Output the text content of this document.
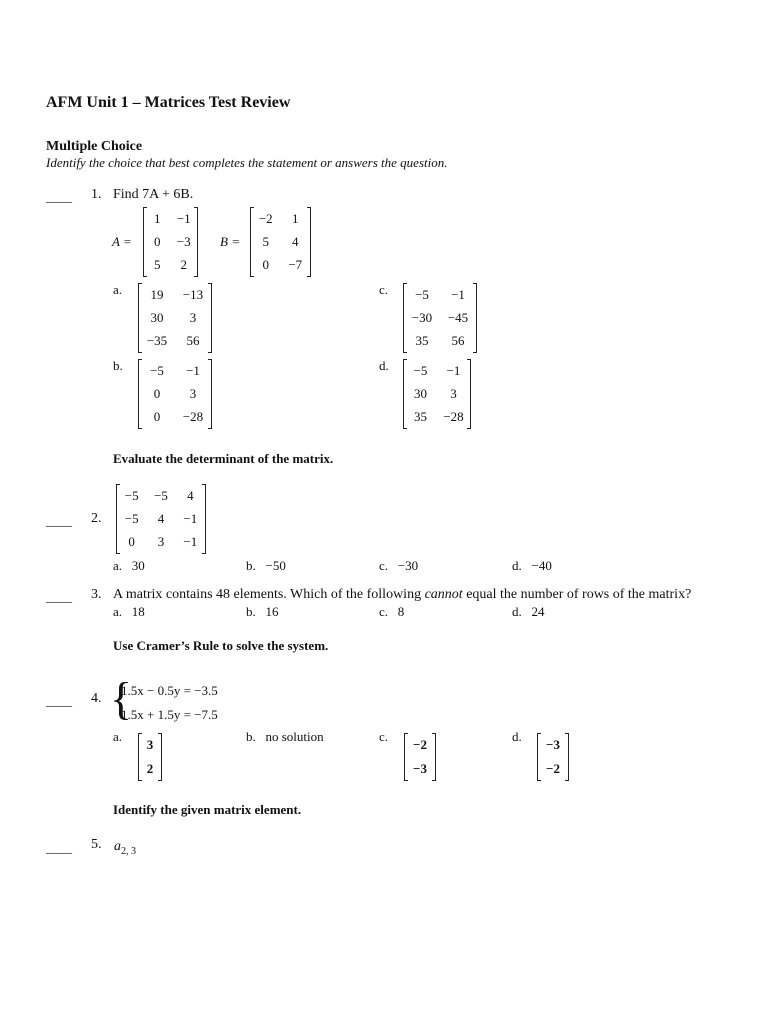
AFM Unit 1 – Matrices Test Review
Multiple Choice
Identify the choice that best completes the statement or answers the question.
____ 1. Find 7A + 6B.
A =
1	−1
0	−3
5	2
B =
−2	1
5	4
0	−7
a.	19	−13
30	3
−35	56
b.	−5	−1
0	3
0	−28
c.	−5	−1
−30	−45
35	56
d.	−5	−1
30	3
35	−28
Evaluate the determinant of the matrix.
−5	−5	4
−5	4	−1
0	3	−1
____ 2.
a. 30	b. −50	c. −30	d. −40
____ 3. A matrix contains 48 elements. Which of the following cannot equal the number of rows of the matrix?
a. 18	b. 16	c. 8	d. 24
Use Cramer’s Rule to solve the system.
____ 4. {
1.5x − 0.5y = −3.5
1.5x + 1.5y = −7.5
a.
3
2
b. no solution	c.
−2
−3
d.
−3
−2
Identify the given matrix element.
____ 5. $a_{2, 3}$
